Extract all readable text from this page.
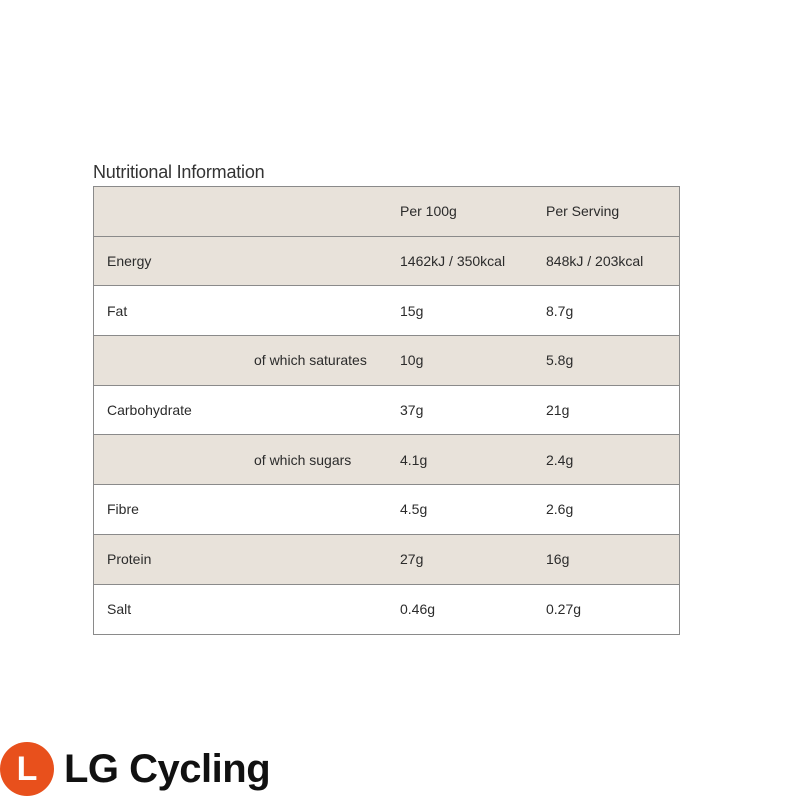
Nutritional Information
Per 100g	Per Serving
Energy	1462kJ / 350kcal	848kJ / 203kcal
Fat	15g	8.7g
of which saturates	10g	5.8g
Carbohydrate	37g	21g
of which sugars	4.1g	2.4g
Fibre	4.5g	2.6g
Protein	27g	16g
Salt	0.46g	0.27g
L LG Cycling
